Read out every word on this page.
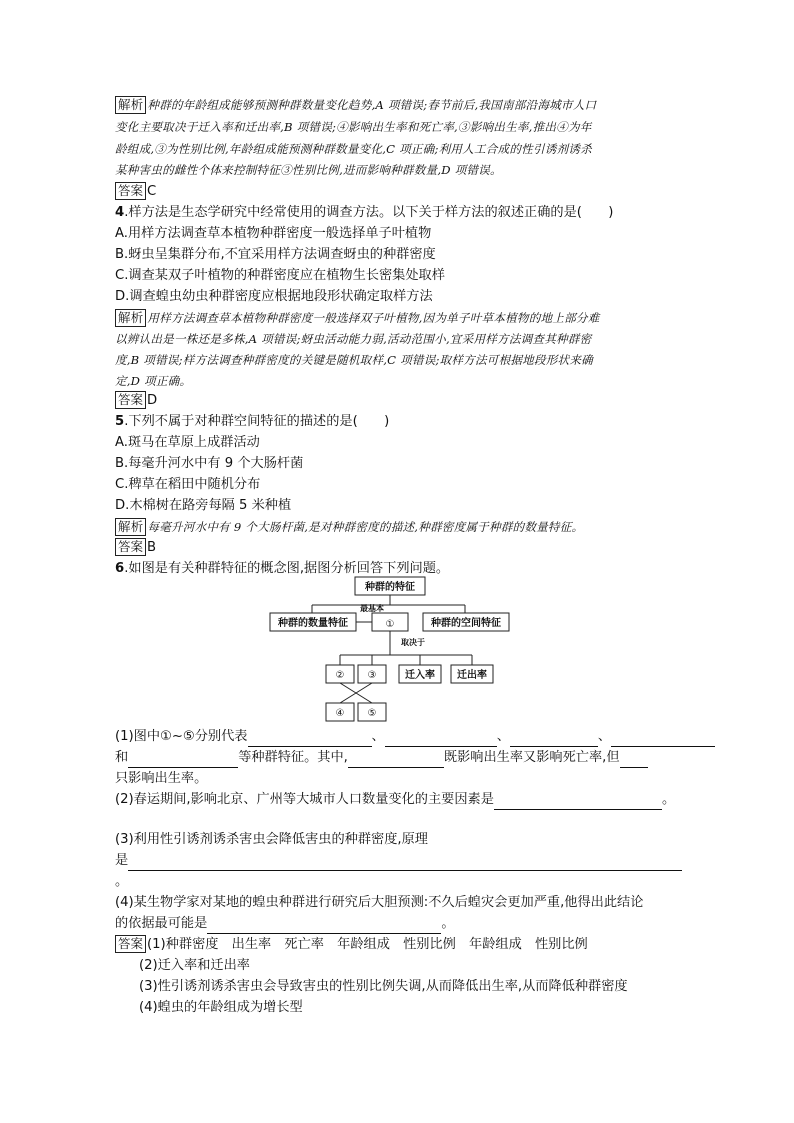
解析 种群的年龄组成能够预测种群数量变化趋势,A 项错误;春节前后,我国南部沿海城市人口
变化主要取决于迁入率和迁出率,B 项错误;④影响出生率和死亡率,③影响出生率,推出④为年
龄组成,③为性别比例,年龄组成能预测种群数量变化,C 项正确;利用人工合成的性引诱剂诱杀
某种害虫的雌性个体来控制特征③性别比例,进而影响种群数量,D 项错误。
答案 C
4.样方法是生态学研究中经常使用的调查方法。以下关于样方法的叙述正确的是(　　)
A.用样方法调查草本植物种群密度一般选择单子叶植物
B.蚜虫呈集群分布,不宜采用样方法调查蚜虫的种群密度
C.调查某双子叶植物的种群密度应在植物生长密集处取样
D.调查蝗虫幼虫种群密度应根据地段形状确定取样方法
解析 用样方法调查草本植物种群密度一般选择双子叶植物,因为单子叶草本植物的地上部分难
以辨认出是一株还是多株,A 项错误;蚜虫活动能力弱,活动范围小,宜采用样方法调查其种群密
度,B 项错误;样方法调查种群密度的关键是随机取样,C 项错误;取样方法可根据地段形状来确
定,D 项正确。
答案 D
5.下列不属于对种群空间特征的描述的是(　　)
A.斑马在草原上成群活动
B.每毫升河水中有 9 个大肠杆菌
C.稗草在稻田中随机分布
D.木棉树在路旁每隔 5 米种植
解析 每毫升河水中有 9 个大肠杆菌,是对种群密度的描述,种群密度属于种群的数量特征。
答案 B
6.如图是有关种群特征的概念图,据图分析回答下列问题。
种群的特征
种群的数量特征	种群的空间特征
①
② ③	迁入率 迁出率
④ ⑤
最基本
取决于
(1)图中①~⑤分别代表	、	、	、
和	等种群特征。其中,	既影响出生率又影响死亡率,但
只影响出生率。
(2)春运期间,影响北京、广州等大城市人口数量变化的主要因素是	。
(3)利用性引诱剂诱杀害虫会降低害虫的种群密度,原理
是
。
(4)某生物学家对某地的蝗虫种群进行研究后大胆预测:不久后蝗灾会更加严重,他得出此结论
的依据最可能是	。
答案 (1)种群密度　出生率　死亡率　年龄组成　性别比例　年龄组成　性别比例
(2)迁入率和迁出率
(3)性引诱剂诱杀害虫会导致害虫的性别比例失调,从而降低出生率,从而降低种群密度
(4)蝗虫的年龄组成为增长型
